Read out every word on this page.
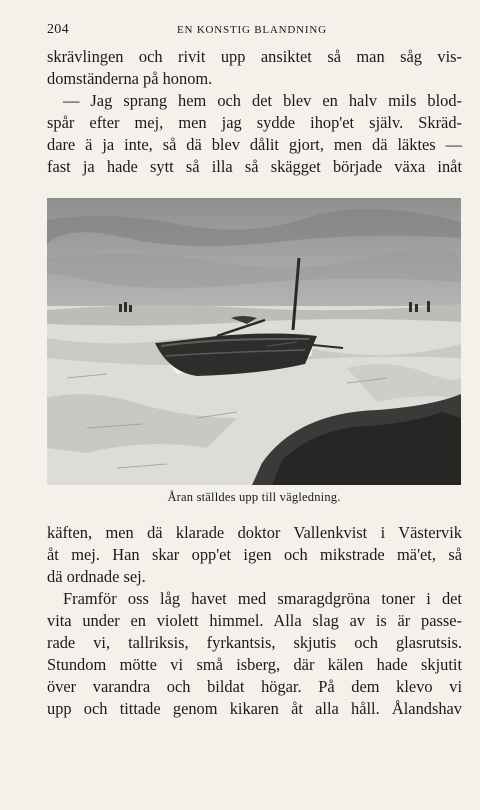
204	EN KONSTIG BLANDNING
skrävlingen och rivit upp ansiktet så man såg vis-
domständerna på honom.
— Jag sprang hem och det blev en halv mils blod-
spår efter mej, men jag sydde ihop'et själv. Skräd-
dare ä ja inte, så dä blev dålit gjort, men dä läktes —
fast ja hade sytt så illa så skägget började växa inåt
Åran ställdes upp till vägledning.
käften, men dä klarade doktor Vallenkvist i Västervik
åt mej. Han skar opp'et igen och mikstrade mä'et, så
dä ordnade sej.
Framför oss låg havet med smaragdgröna toner i det
vita under en violett himmel. Alla slag av is är passe-
rade vi, tallriksis, fyrkantsis, skjutis och glasrutsis.
Stundom mötte vi små isberg, där kälen hade skjutit
över varandra och bildat högar. På dem klevo vi
upp och tittade genom kikaren åt alla håll. Ålandshav
